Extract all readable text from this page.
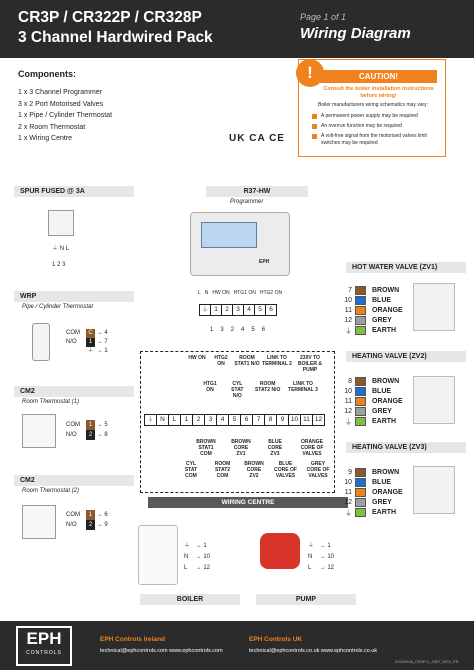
CR3P / CR322P / CR328P
3 Channel Hardwired Pack
Page 1 of 1
Wiring Diagram
Components:
1 x 3 Channel Programmer
3 x 2 Port Motorised Valves
1 x Pipe / Cylinder Thermostat
2 x Room Thermostat
1 x Wiring Centre
CAUTION!
!
Consult the boiler installation instructions before wiring!
Boiler manufacturers wiring schematics may vary:
A permanent power supply may be required
An overrun function may be required
A volt-free signal from the motorised valves limit switches may be required
UK CA CE
SPUR FUSED @ 3A
⏚ N L
1 2 3
R37-HW
Programmer
EPH
L N HW ON HTG1 ON HTG2 ON
⏚ 1	2	3	4	5	6
1 3 2 4 5 6
WRP
Pipe / Cylinder Thermostat
COM C → 4
N/O 1 → 7
⏚ → 1
CM2
Room Thermostat (1)
COM 1 → 5
N/O 2 → 8
CM2
Room Thermostat (2)
COM 1 → 6
N/O 2 → 9
HW ON	HTG2 ON
ROOM STAT1 N/O
LINK TO TERMINAL 2
230V TO BOILER & PUMP
HTG1 ON
CYL STAT N/O
ROOM STAT2 N/O
LINK TO TERMINAL 3
⏚ N	L	1	2	3	4	5	6	7	8	9	10 11 12
BROWN STAT1 COM
BROWN CORE ZV1
BLUE CORE ZV3
ORANGE CORE OF VALVES
CYL STAT COM
ROOM STAT2 COM
BROWN CORE ZV2
BLUE CORE OF VALVES
GREY CORE OF VALVES
WIRING CENTRE
HOT WATER VALVE (ZV1)
7	BROWN
10	BLUE
11	ORANGE
12	GREY
⏚	EARTH
HEATING VALVE (ZV2)
8	BROWN
10	BLUE
11	ORANGE
12	GREY
⏚	EARTH
HEATING VALVE (ZV3)
9	BROWN
10	BLUE
11	ORANGE
12	GREY
⏚	EARTH
⏚ → 1
N → 10
L → 12
BOILER
⏚ → 1
N → 10
L → 12
PUMP
EPH
CONTROLS
EPH Controls Ireland
technical@ephcontrols.com www.ephcontrols.com
EPH Controls UK
technical@ephcontrols.co.uk www.ephcontrols.co.uk
20220916_CR3P-2_2007_W22_PR
